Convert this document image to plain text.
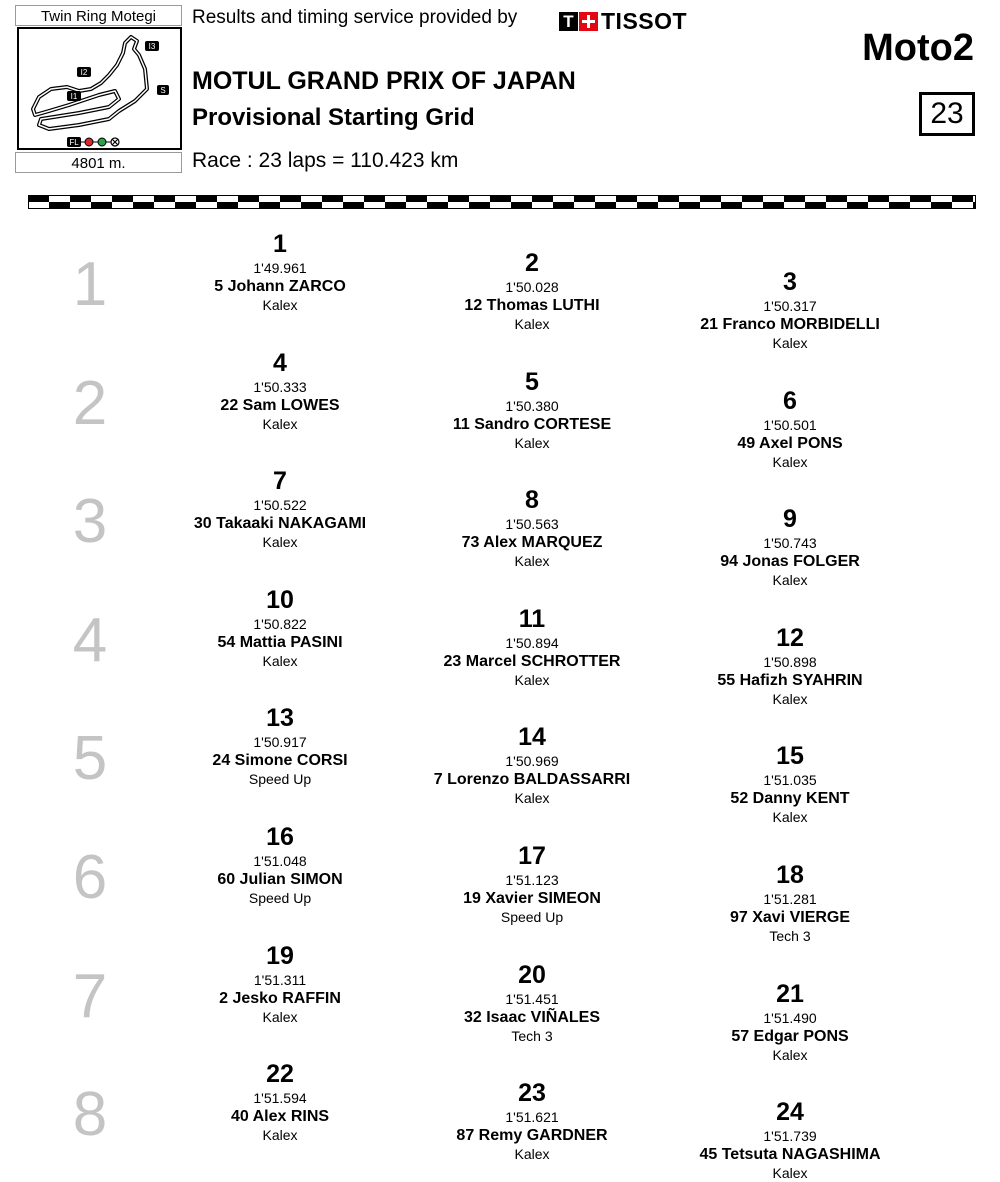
Twin Ring Motegi
I3
I2
I1
S
FL
4801 m.
Results and timing service provided by	T TISSOT
MOTUL GRAND PRIX OF JAPAN
Provisional Starting Grid
Race : 23 laps = 110.423 km
Moto2
23
1
2
3
4
5
6
7
8
1
1'49.961
5 Johann ZARCO
Kalex
2
1'50.028
12 Thomas LUTHI
Kalex
3
1'50.317
21 Franco MORBIDELLI
Kalex
4
1'50.333
22 Sam LOWES
Kalex
5
1'50.380
11 Sandro CORTESE
Kalex
6
1'50.501
49 Axel PONS
Kalex
7
1'50.522
30 Takaaki NAKAGAMI
Kalex
8
1'50.563
73 Alex MARQUEZ
Kalex
9
1'50.743
94 Jonas FOLGER
Kalex
10
1'50.822
54 Mattia PASINI
Kalex
11
1'50.894
23 Marcel SCHROTTER
Kalex
12
1'50.898
55 Hafizh SYAHRIN
Kalex
13
1'50.917
24 Simone CORSI
Speed Up
14
1'50.969
7 Lorenzo BALDASSARRI
Kalex
15
1'51.035
52 Danny KENT
Kalex
16
1'51.048
60 Julian SIMON
Speed Up
17
1'51.123
19 Xavier SIMEON
Speed Up
18
1'51.281
97 Xavi VIERGE
Tech 3
19
1'51.311
2 Jesko RAFFIN
Kalex
20
1'51.451
32 Isaac VIÑALES
Tech 3
21
1'51.490
57 Edgar PONS
Kalex
22
1'51.594
40 Alex RINS
Kalex
23
1'51.621
87 Remy GARDNER
Kalex
24
1'51.739
45 Tetsuta NAGASHIMA
Kalex
